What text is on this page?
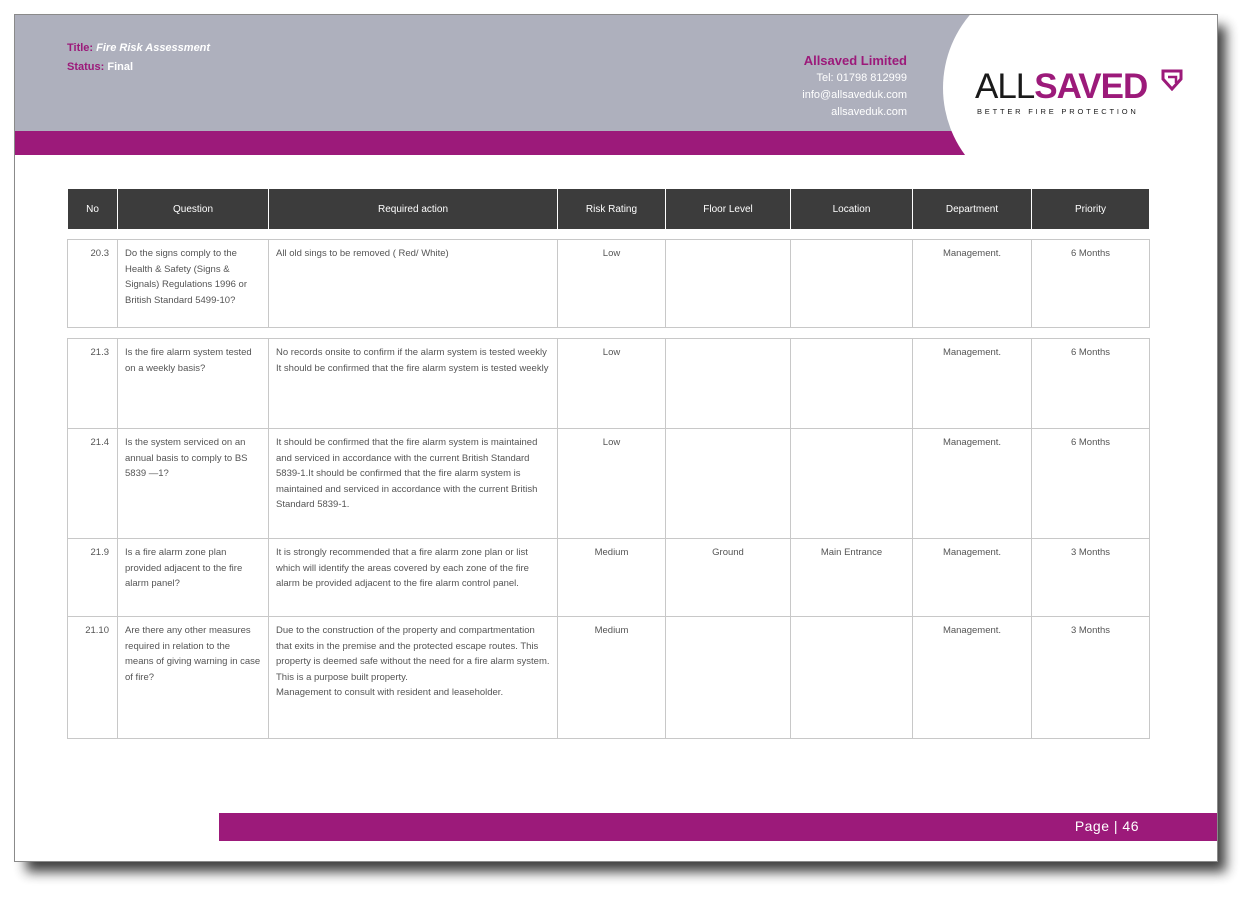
Title: Fire Risk Assessment
Status: Final	Allsaved Limited
Tel: 01798 812999
info@allsaveduk.com
allsaveduk.com
ALLSAVED
BETTER FIRE PROTECTION
No	Question	Required action	Risk Rating	Floor Level	Location	Department	Priority

20.3	Do the signs comply to the Health & Safety (Signs & Signals) Regulations 1996 or British Standard 5499-10?	All old sings to be removed ( Red/ White)	Low			Management.	6 Months

21.3	Is the fire alarm system tested on a weekly basis?	No records onsite to confirm if the alarm system is tested weekly
It should be confirmed that the fire alarm system is tested weekly	Low			Management.	6 Months
21.4	Is the system serviced on an annual basis to comply to BS 5839 —1?	It should be confirmed that the fire alarm system is maintained and serviced in accordance with the current British Standard 5839-1.It should be confirmed that the fire alarm system is maintained and serviced in accordance with the current British Standard 5839-1.	Low			Management.	6 Months
21.9	Is a fire alarm zone plan provided adjacent to the fire alarm panel?	It is strongly recommended that a fire alarm zone plan or list which will identify the areas covered by each zone of the fire alarm be provided adjacent to the fire alarm control panel.	Medium	Ground	Main Entrance	Management.	3 Months
21.10	Are there any other measures required in relation to the means of giving warning in case of fire?	Due to the construction of the property and compartmentation that exits in the premise and the protected escape routes. This property is deemed safe without the need for a fire alarm system.
This is a purpose built property.
Management to consult with resident and leaseholder.	Medium			Management.	3 Months
Page | 46
